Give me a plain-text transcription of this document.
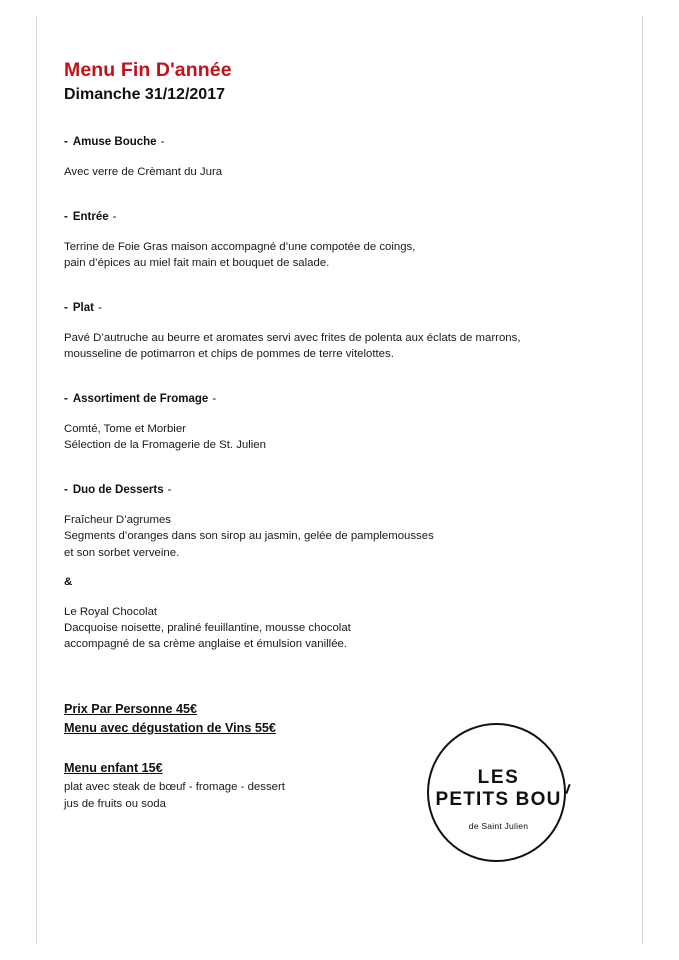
Menu Fin D'année
Dimanche 31/12/2017
- Amuse Bouche -

Avec verre de Crèmant du Jura

- Entrée -

Terrine de Foie Gras maison accompagné d’une compotée de coings,

pain d’épices au miel fait main et bouquet de salade.

- Plat -

Pavé D’autruche au beurre et aromates servi avec frites de polenta aux éclats de marrons,

mousseline de potimarron et chips de pommes de terre vitelottes.

- Assortiment de Fromage -

Comté, Tome et Morbier

Sélection de la Fromagerie de St. Julien

- Duo de Desserts -

Fraîcheur D’agrumes

Segments d’oranges dans son sirop au jasmin, gelée de pamplemousses

et son sorbet verveine.

&

Le Royal Chocolat

Dacquoise noisette, praliné feuillantine, mousse chocolat

accompagné de sa crème anglaise et émulsion vanillée.

Prix Par Personne 45€

Menu avec dégustation de Vins 55€

Menu enfant 15€

plat avec steak de bœuf - fromage - dessert

jus de fruits ou soda

LES
PETITS BOU
de Saint Julien
